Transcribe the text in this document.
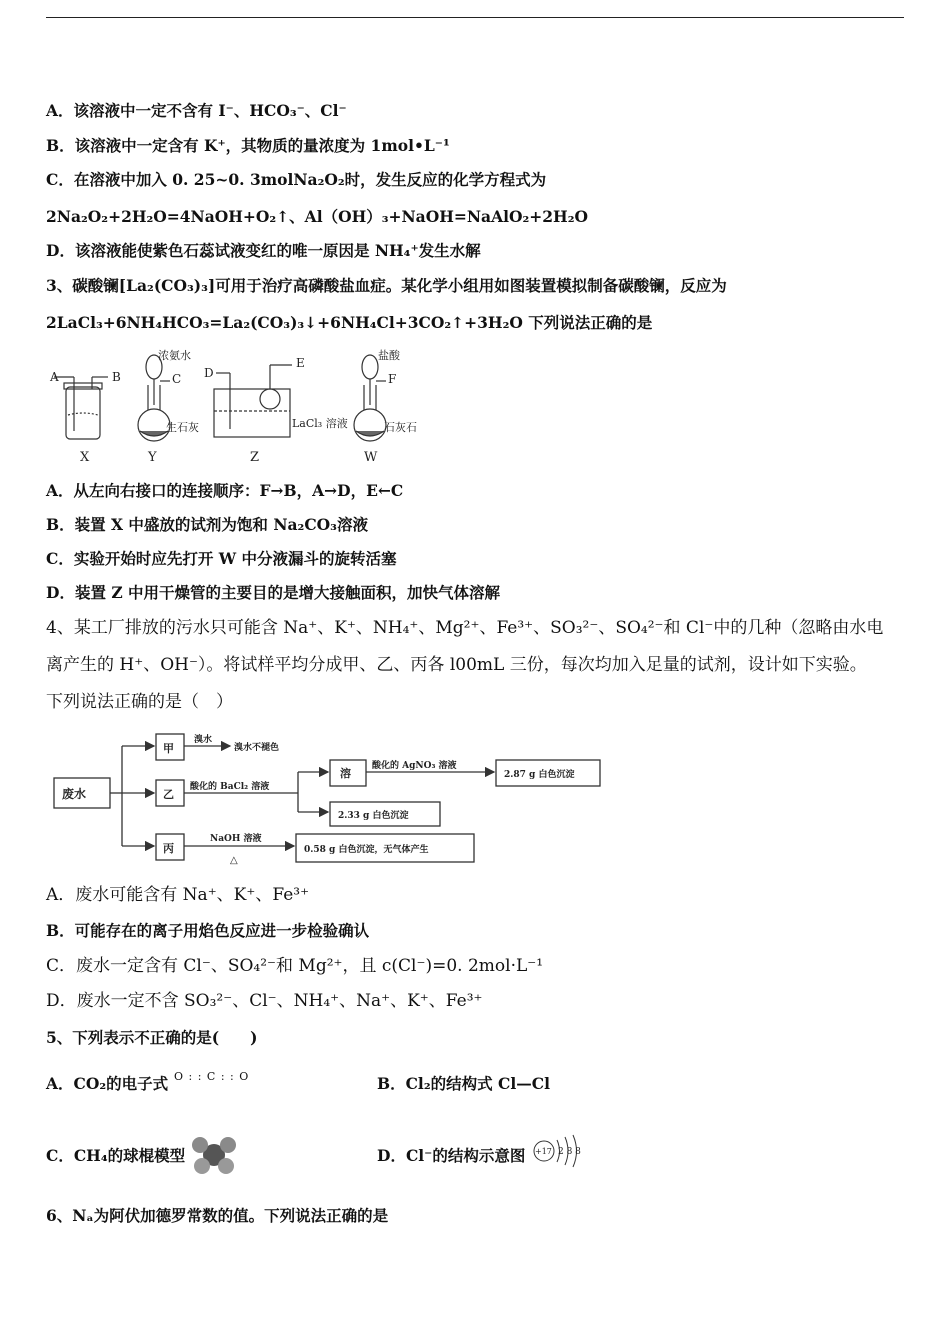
A．该溶液中一定不含有 I⁻、HCO₃⁻、Cl⁻
B．该溶液中一定含有 K⁺，其物质的量浓度为 1mol•L⁻¹
C．在溶液中加入 0. 25~0. 3molNa₂O₂时，发生反应的化学方程式为
2Na₂O₂+2H₂O=4NaOH+O₂↑、Al（OH）₃+NaOH=NaAlO₂+2H₂O
D．该溶液能使紫色石蕊试液变红的唯一原因是 NH₄⁺发生水解
3、碳酸镧[La₂(CO₃)₃]可用于治疗高磷酸盐血症。某化学小组用如图装置模拟制备碳酸镧，反应为
2LaCl₃+6NH₄HCO₃=La₂(CO₃)₃↓+6NH₄Cl+3CO₂↑+3H₂O 下列说法正确的是
A	B
X
浓氨水
C
生石灰
Y
D
E
LaCl₃ 溶液
Z
盐酸
F
石灰石
W
A．从左向右接口的连接顺序：F→B，A→D，E←C
B．装置 X 中盛放的试剂为饱和 Na₂CO₃溶液
C．实验开始时应先打开 W 中分液漏斗的旋转活塞
D．装置 Z 中用干燥管的主要目的是增大接触面积，加快气体溶解
4、某工厂排放的污水只可能含 Na⁺、K⁺、NH₄⁺、Mg²⁺、Fe³⁺、SO₃²⁻、SO₄²⁻和 Cl⁻中的几种（忽略由水电
离产生的 H⁺、OH⁻）。将试样平均分成甲、乙、丙各 l00mL 三份，每次均加入足量的试剂，设计如下实验。
下列说法正确的是（　）
废水
甲
乙
丙
溴水
溴水不褪色
酸化的 BaCl₂ 溶液
溶
酸化的 AgNO₃ 溶液
2.87 g 白色沉淀
2.33 g 白色沉淀
NaOH 溶液
△
0.58 g 白色沉淀，无气体产生
A．废水可能含有 Na⁺、K⁺、Fe³⁺
B．可能存在的离子用焰色反应进一步检验确认
C．废水一定含有 Cl⁻、SO₄²⁻和 Mg²⁺，且 c(Cl⁻)=0. 2mol·L⁻¹
D．废水一定不含 SO₃²⁻、Cl⁻、NH₄⁺、Na⁺、K⁺、Fe³⁺
5、下列表示不正确的是(　　)
A．CO₂的电子式 O : : C : : O	B．Cl₂的结构式 Cl—Cl
C．CH₄的球棍模型	D．Cl⁻的结构示意图 +17 2 8 8
6、Nₐ为阿伏加德罗常数的值。下列说法正确的是
